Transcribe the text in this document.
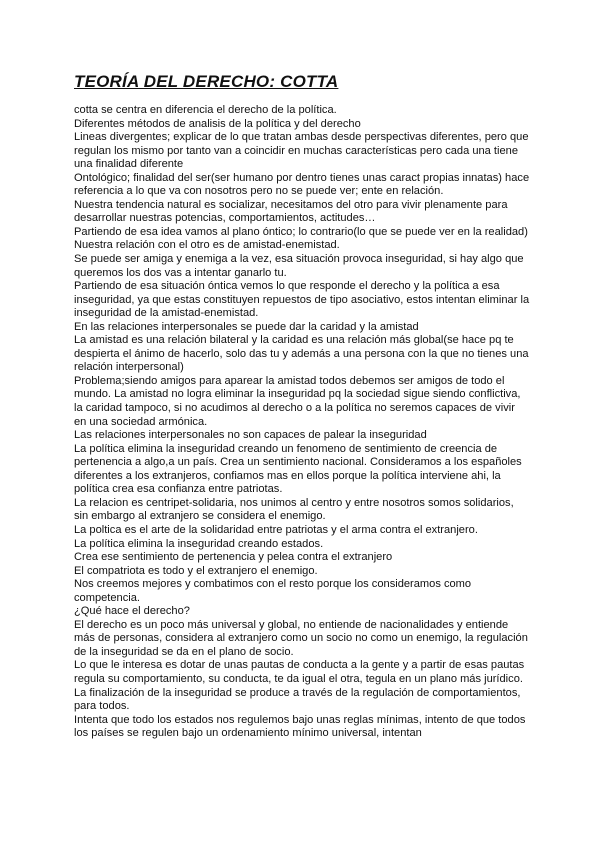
TEORÍA DEL DERECHO: COTTA

cotta se centra en diferencia el derecho de la política.

Diferentes métodos de analisis de la política y del derecho

Lineas divergentes; explicar de lo que tratan ambas desde perspectivas diferentes, pero que regulan los mismo por tanto van a coincidir en muchas características pero cada una tiene una finalidad diferente

Ontológico; finalidad del ser(ser humano por dentro tienes unas caract propias innatas) hace referencia a lo que va con nosotros pero no se puede ver; ente en relación.

Nuestra tendencia natural es socializar, necesitamos del otro para vivir plenamente para desarrollar nuestras potencias, comportamientos, actitudes…

Partiendo de esa idea vamos al plano óntico; lo contrario(lo que se puede ver en la realidad) Nuestra relación con el otro es de amistad-enemistad.

Se puede ser amiga y enemiga a la vez, esa situación provoca inseguridad, si hay algo que queremos los dos vas a intentar ganarlo tu.

Partiendo de esa situación óntica vemos lo que responde el derecho y la política a esa inseguridad, ya que estas constituyen repuestos de tipo asociativo, estos intentan eliminar la inseguridad de la amistad-enemistad.

En las relaciones interpersonales se puede dar la caridad y la amistad

La amistad es una relación bilateral y la caridad es una relación más global(se hace pq te despierta el ánimo de hacerlo, solo das tu y además a una persona con la que no tienes una relación interpersonal)

Problema;siendo amigos para aparear la amistad todos debemos ser amigos de todo el mundo. La amistad no logra eliminar la inseguridad pq la sociedad sigue siendo conflictiva, la caridad tampoco, si no acudimos al derecho o a la política no seremos capaces de vivir en una sociedad armónica.

Las relaciones interpersonales no son capaces de palear la inseguridad

La política elimina la inseguridad creando un fenomeno de sentimiento de creencia de pertenencia a algo,a un país. Crea un sentimiento nacional. Consideramos a los españoles diferentes a los extranjeros, confiamos mas en ellos porque la política interviene ahi, la política crea esa confianza entre patriotas.

La relacion es centripet-solidaria, nos unimos al centro y entre nosotros somos solidarios, sin embargo al extranjero se considera el enemigo.

La poltica es el arte de la solidaridad entre patriotas y el arma contra el extranjero.

La política elimina la inseguridad creando estados.

Crea ese sentimiento de pertenencia y pelea contra el extranjero

El compatriota es todo y el extranjero el enemigo.

Nos creemos mejores y combatimos con el resto porque los consideramos como competencia.

¿Qué hace el derecho?

El derecho es un poco más universal y global, no entiende de nacionalidades y entiende más de personas, considera al extranjero como un socio no como un enemigo, la regulación de la inseguridad se da en el plano de socio.

Lo que le interesa es dotar de unas pautas de conducta a la gente y a partir de esas pautas regula su comportamiento, su conducta, te da igual el otra, tegula en un plano más jurídico. La finalización de la inseguridad se produce a través de la regulación de comportamientos, para todos.

Intenta que todo los estados nos regulemos bajo unas reglas mínimas, intento de que todos los países se regulen bajo un ordenamiento mínimo universal, intentan
